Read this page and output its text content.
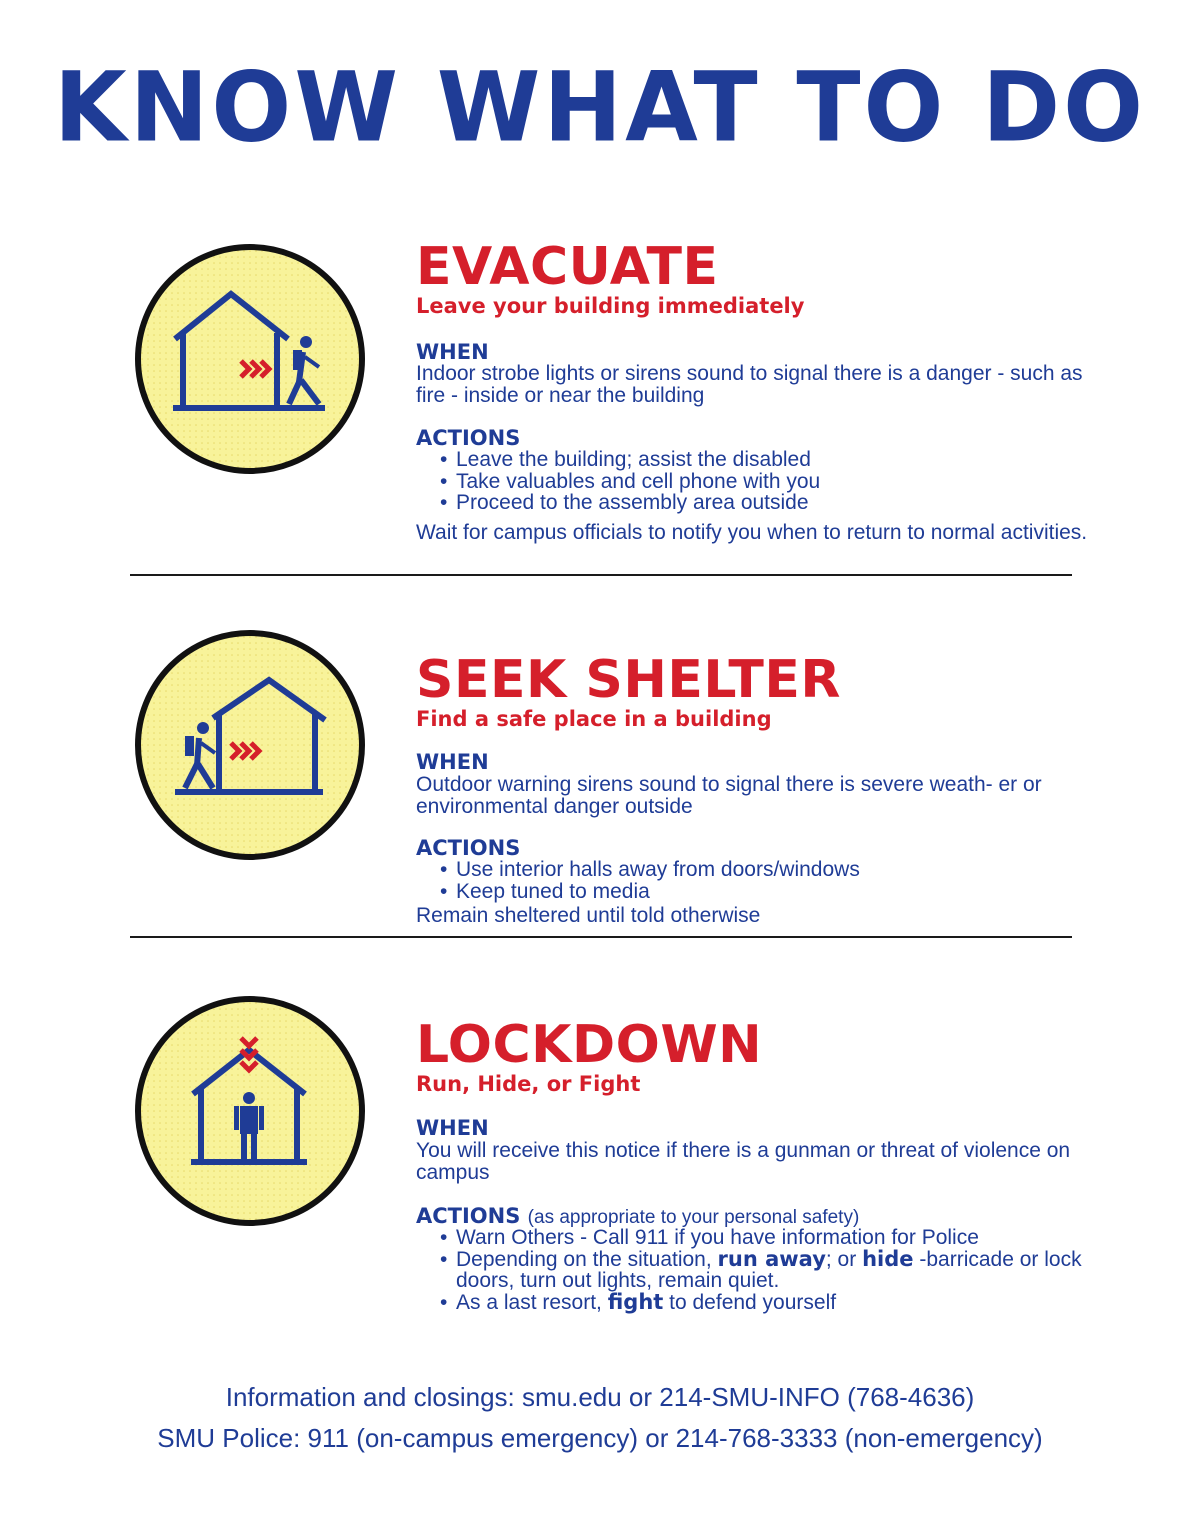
KNOW WHAT TO DO
EVACUATE

Leave your building immediately

WHEN

Indoor strobe lights or sirens sound to signal there is a danger - such as fire - inside or near the building

ACTIONS

• Leave the building; assist the disabled
• Take valuables and cell phone with you
• Proceed to the assembly area outside

Wait for campus officials to notify you when to return to normal activities.

SEEK SHELTER

Find a safe place in a building

WHEN

Outdoor warning sirens sound to signal there is severe weath- er or environmental danger outside

ACTIONS

• Use interior halls away from doors/windows
• Keep tuned to media

Remain sheltered until told otherwise

LOCKDOWN

Run, Hide, or Fight

WHEN

You will receive this notice if there is a gunman or threat of violence on campus

ACTIONS (as appropriate to your personal safety)

• Warn Others - Call 911 if you have information for Police
• Depending on the situation, run away; or hide -barricade or lock doors, turn out lights, remain quiet.
• As a last resort, fight to defend yourself
Information and closings: smu.edu or 214-SMU-INFO (768-4636)
SMU Police: 911 (on-campus emergency) or 214-768-3333 (non-emergency)
